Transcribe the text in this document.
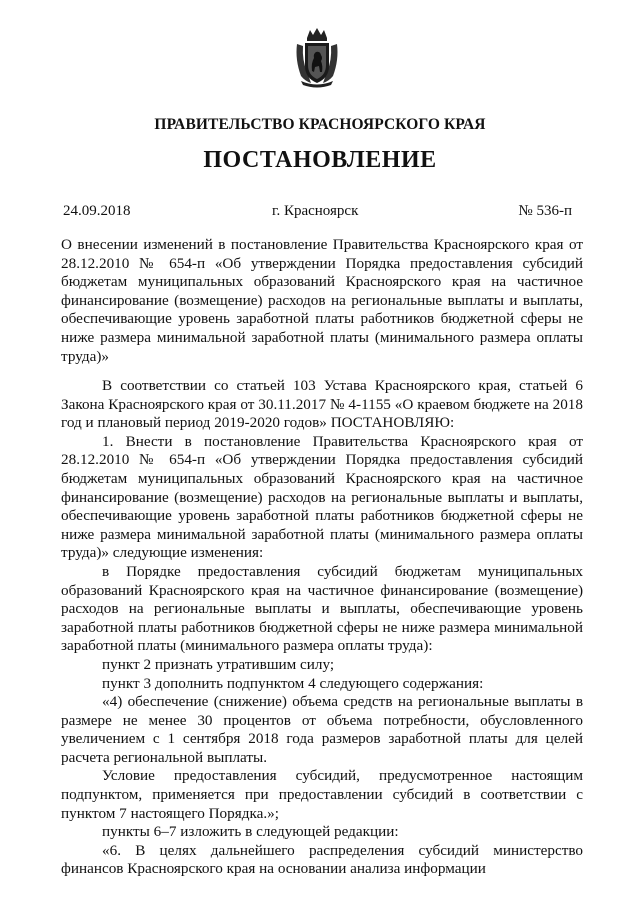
ПРАВИТЕЛЬСТВО КРАСНОЯРСКОГО КРАЯ
ПОСТАНОВЛЕНИЕ
24.09.2018	г. Красноярск	№ 536-п

О внесении изменений в постановление Правительства Красноярского края от 28.12.2010 № 654-п «Об утверждении Порядка предоставления субсидий бюджетам муниципальных образований Красноярского края на частичное финансирование (возмещение) расходов на региональные выплаты и выплаты, обеспечивающие уровень заработной платы работников бюджетной сферы не ниже размера минимальной заработной платы (минимального размера оплаты труда)»

В соответствии со статьей 103 Устава Красноярского края, статьей 6 Закона Красноярского края от 30.11.2017 № 4-1155 «О краевом бюджете на 2018 год и плановый период 2019-2020 годов» ПОСТАНОВЛЯЮ:

1. Внести в постановление Правительства Красноярского края от 28.12.2010 № 654-п «Об утверждении Порядка предоставления субсидий бюджетам муниципальных образований Красноярского края на частичное финансирование (возмещение) расходов на региональные выплаты и выплаты, обеспечивающие уровень заработной платы работников бюджетной сферы не ниже размера минимальной заработной платы (минимального размера оплаты труда)» следующие изменения:

в Порядке предоставления субсидий бюджетам муниципальных образований Красноярского края на частичное финансирование (возмещение) расходов на региональные выплаты и выплаты, обеспечивающие уровень заработной платы работников бюджетной сферы не ниже размера минимальной заработной платы (минимального размера оплаты труда):

пункт 2 признать утратившим силу;

пункт 3 дополнить подпунктом 4 следующего содержания:

«4) обеспечение (снижение) объема средств на региональные выплаты в размере не менее 30 процентов от объема потребности, обусловленного увеличением с 1 сентября 2018 года размеров заработной платы для целей расчета региональной выплаты.

Условие предоставления субсидий, предусмотренное настоящим подпунктом, применяется при предоставлении субсидий в соответствии с пунктом 7 настоящего Порядка.»;

пункты 6–7 изложить в следующей редакции:

«6. В целях дальнейшего распределения субсидий министерство финансов Красноярского края на основании анализа информации
